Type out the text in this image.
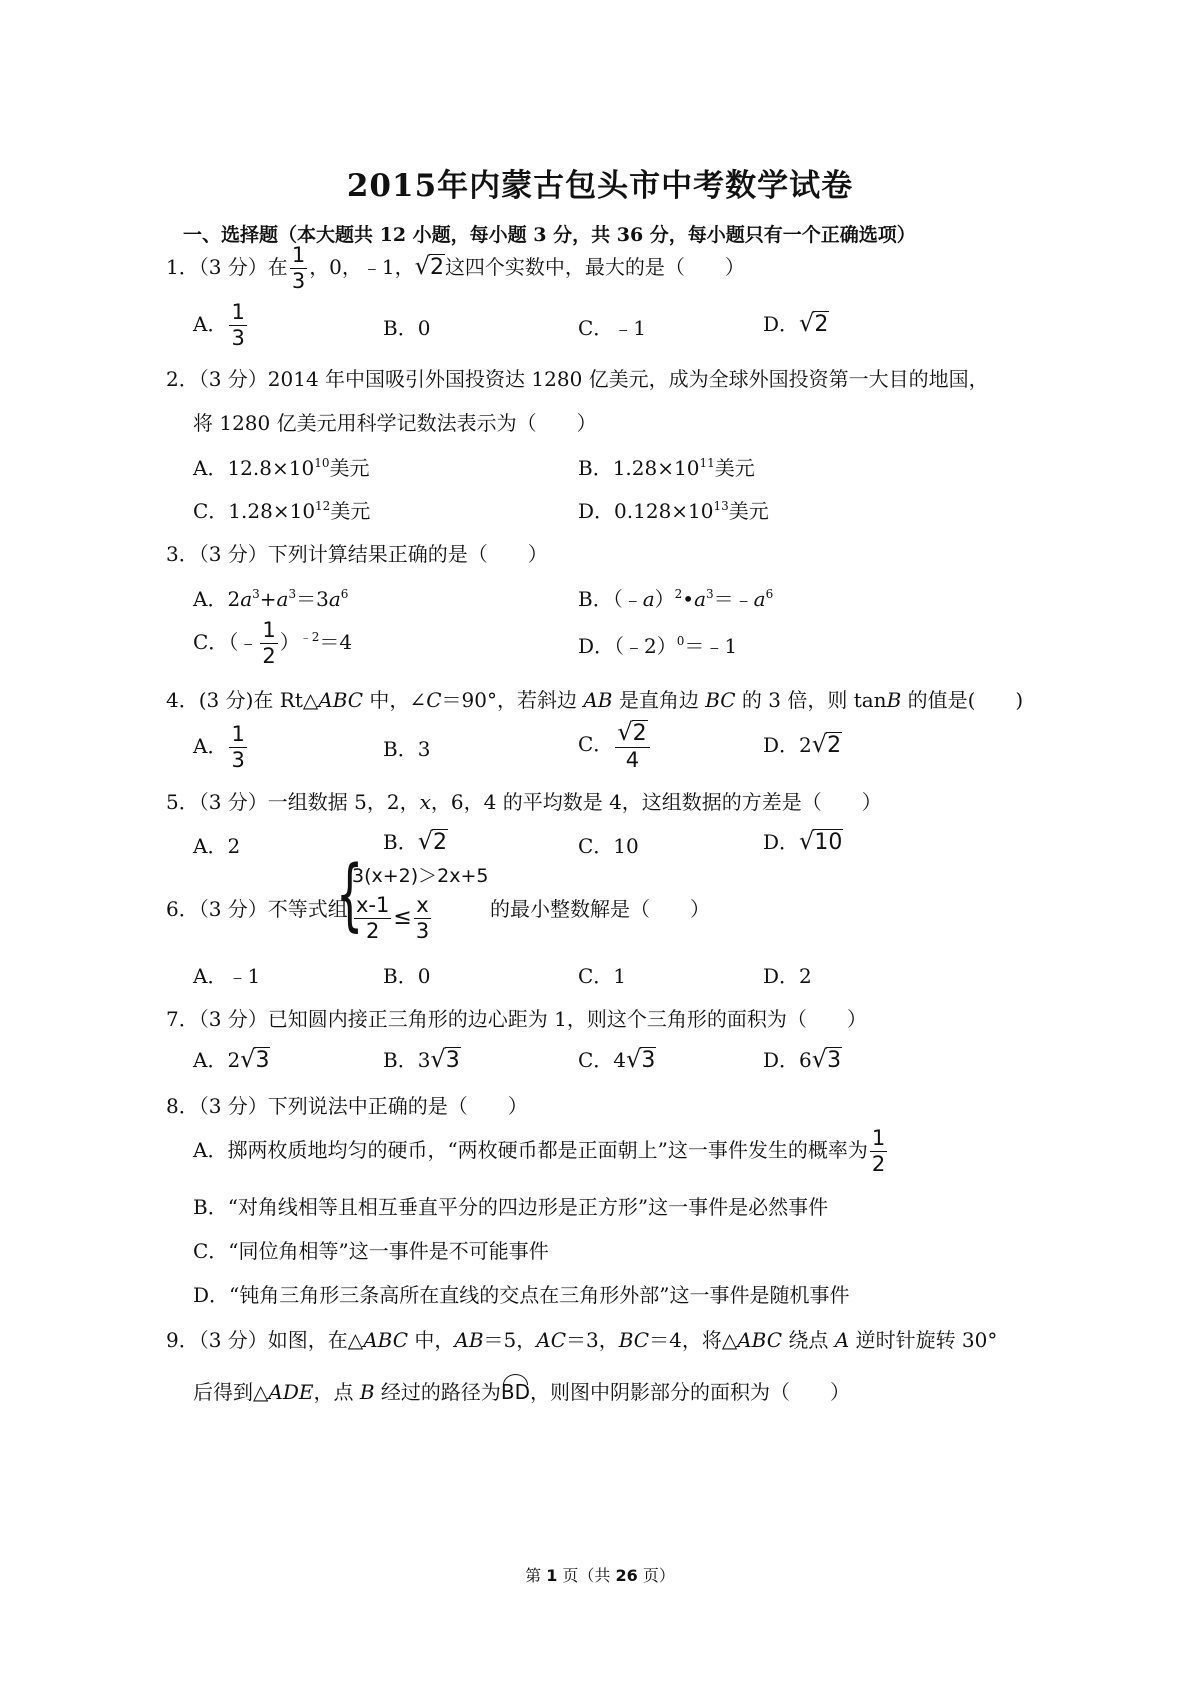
2015年内蒙古包头市中考数学试卷
一、选择题（本大题共 12 小题，每小题 3 分，共 36 分，每小题只有一个正确选项）
1．（3 分）在 $\frac{1}{3}$ ，0，﹣1，√2这四个实数中，最大的是（　　）
A． $\frac{1}{3}$	B．0	C．﹣1	D．√2
2．（3 分）2014 年中国吸引外国投资达 1280 亿美元，成为全球外国投资第一大目的地国，
将 1280 亿美元用科学记数法表示为（　　）
A．$12.8\times 10^{10}$美元	B．$1.28\times 10^{11}$美元
C．$1.28\times 10^{12}$美元	D．$0.128\times 10^{13}$美元
3．（3 分）下列计算结果正确的是（　　）
A．$2a^3+a^3=3a^6$	B．$(﹣a)^2•a^3=﹣a^6$
C．（﹣ $\frac{1}{2} )^{﹣2}=4$	D．（﹣2）$^0$＝﹣1
4．(3 分)在 Rt△ABC 中，∠C＝90°，若斜边 AB 是直角边 BC 的 3 倍，则 tanB 的值是(　　)
A． $\frac{1}{3}$	B．3	C． $\frac{√2}{4}$	D．2√2
5．（3 分）一组数据 5，2，x，6，4 的平均数是 4，这组数据的方差是（　　）
A．2	B．√2	C．10	D．√10
6．（3 分）不等式组
{
3(x+2)＞2x+5
$\frac{x-1}{2} \le \frac{x}{3}$	的最小整数解是（　　）
A．﹣1	B．0	C．1	D．2
7．（3 分）已知圆内接正三角形的边心距为 1，则这个三角形的面积为（　　）
A．2√3	B．3√3	C．4√3	D．6√3
8．（3 分）下列说法中正确的是（　　）
A．掷两枚质地均匀的硬币，“两枚硬币都是正面朝上”这一事件发生的概率为 $\frac{1}{2}$
B．“对角线相等且相互垂直平分的四边形是正方形”这一事件是必然事件
C．“同位角相等”这一事件是不可能事件
D．“钝角三角形三条高所在直线的交点在三角形外部”这一事件是随机事件
9．（3 分）如图，在△ABC 中，AB＝5，AC＝3，BC＝4，将△ABC 绕点 A 逆时针旋转 30°
后得到△ADE，点 B 经过的路径为BD，则图中阴影部分的面积为（　　）
第 1 页（共 26 页）
